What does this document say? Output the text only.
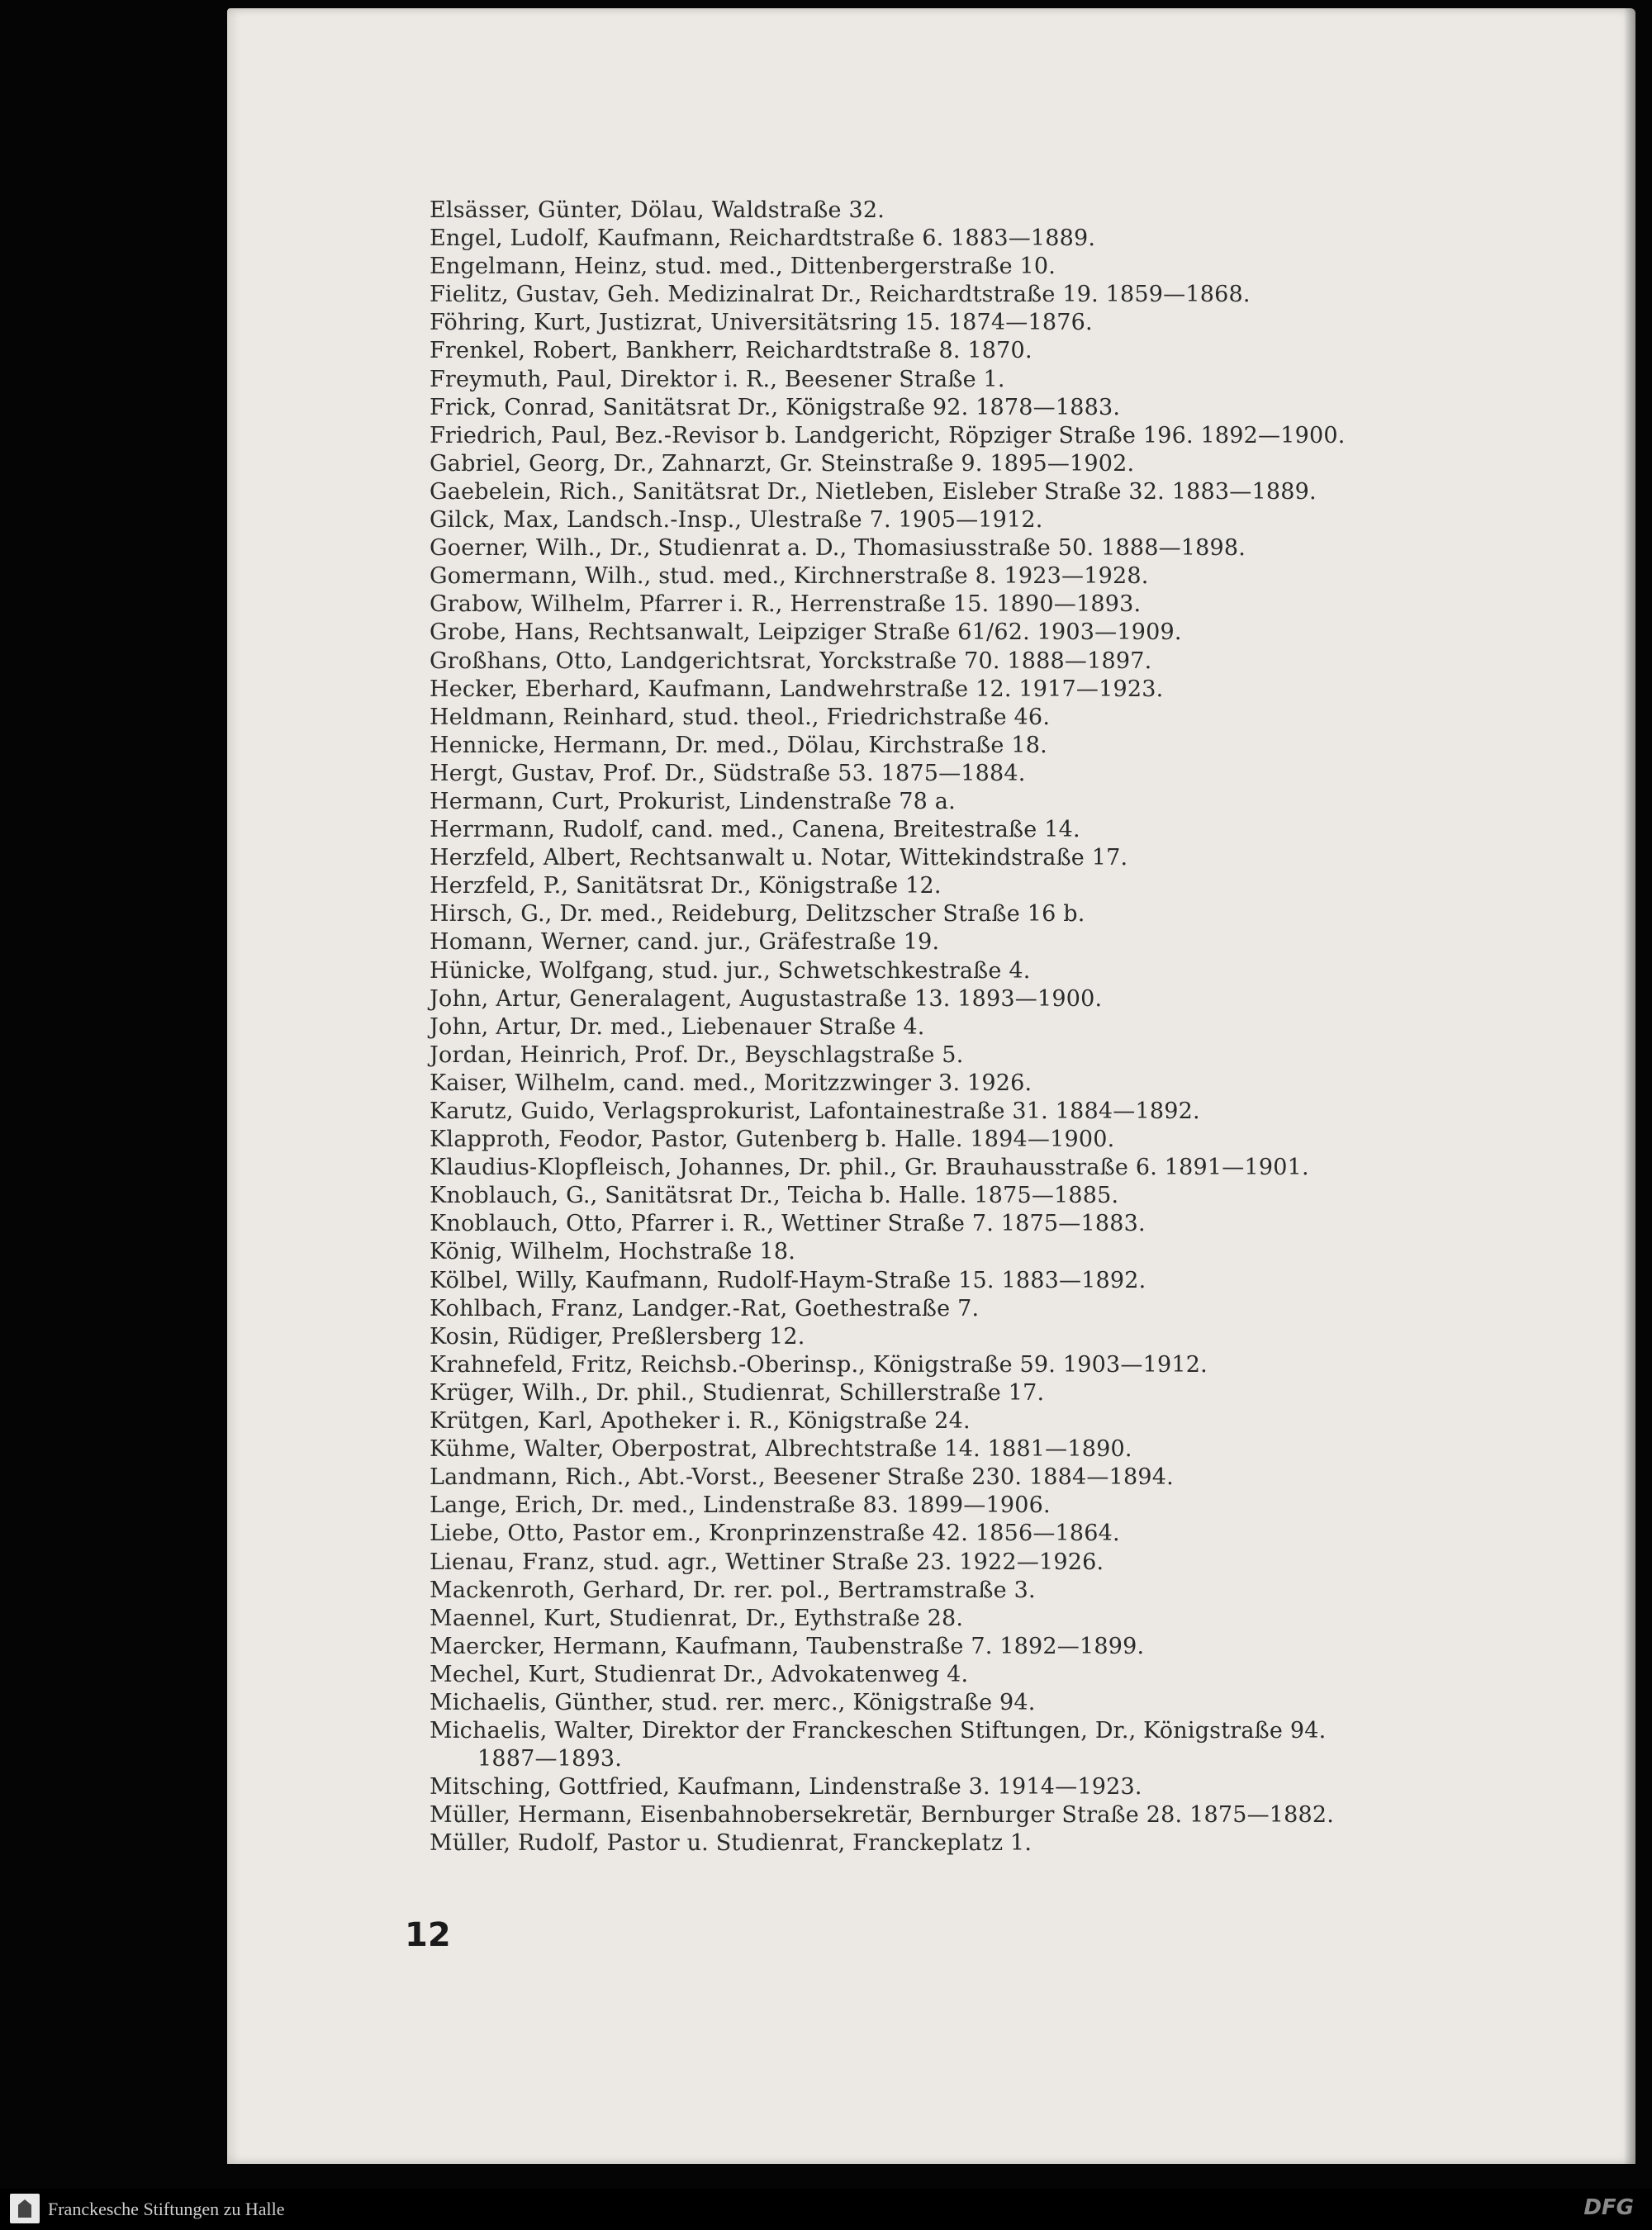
Elsässer, Günter, Dölau, Waldstraße 32.
Engel, Ludolf, Kaufmann, Reichardtstraße 6. 1883—1889.
Engelmann, Heinz, stud. med., Dittenbergerstraße 10.
Fielitz, Gustav, Geh. Medizinalrat Dr., Reichardtstraße 19. 1859—1868.
Föhring, Kurt, Justizrat, Universitätsring 15. 1874—1876.
Frenkel, Robert, Bankherr, Reichardtstraße 8. 1870.
Freymuth, Paul, Direktor i. R., Beesener Straße 1.
Frick, Conrad, Sanitätsrat Dr., Königstraße 92. 1878—1883.
Friedrich, Paul, Bez.-Revisor b. Landgericht, Röpziger Straße 196. 1892—1900.
Gabriel, Georg, Dr., Zahnarzt, Gr. Steinstraße 9. 1895—1902.
Gaebelein, Rich., Sanitätsrat Dr., Nietleben, Eisleber Straße 32. 1883—1889.
Gilck, Max, Landsch.-Insp., Ulestraße 7. 1905—1912.
Goerner, Wilh., Dr., Studienrat a. D., Thomasiusstraße 50. 1888—1898.
Gomermann, Wilh., stud. med., Kirchnerstraße 8. 1923—1928.
Grabow, Wilhelm, Pfarrer i. R., Herrenstraße 15. 1890—1893.
Grobe, Hans, Rechtsanwalt, Leipziger Straße 61/62. 1903—1909.
Großhans, Otto, Landgerichtsrat, Yorckstraße 70. 1888—1897.
Hecker, Eberhard, Kaufmann, Landwehrstraße 12. 1917—1923.
Heldmann, Reinhard, stud. theol., Friedrichstraße 46.
Hennicke, Hermann, Dr. med., Dölau, Kirchstraße 18.
Hergt, Gustav, Prof. Dr., Südstraße 53. 1875—1884.
Hermann, Curt, Prokurist, Lindenstraße 78 a.
Herrmann, Rudolf, cand. med., Canena, Breitestraße 14.
Herzfeld, Albert, Rechtsanwalt u. Notar, Wittekindstraße 17.
Herzfeld, P., Sanitätsrat Dr., Königstraße 12.
Hirsch, G., Dr. med., Reideburg, Delitzscher Straße 16 b.
Homann, Werner, cand. jur., Gräfestraße 19.
Hünicke, Wolfgang, stud. jur., Schwetschkestraße 4.
John, Artur, Generalagent, Augustastraße 13. 1893—1900.
John, Artur, Dr. med., Liebenauer Straße 4.
Jordan, Heinrich, Prof. Dr., Beyschlagstraße 5.
Kaiser, Wilhelm, cand. med., Moritzzwinger 3. 1926.
Karutz, Guido, Verlagsprokurist, Lafontainestraße 31. 1884—1892.
Klapproth, Feodor, Pastor, Gutenberg b. Halle. 1894—1900.
Klaudius-Klopfleisch, Johannes, Dr. phil., Gr. Brauhausstraße 6. 1891—1901.
Knoblauch, G., Sanitätsrat Dr., Teicha b. Halle. 1875—1885.
Knoblauch, Otto, Pfarrer i. R., Wettiner Straße 7. 1875—1883.
König, Wilhelm, Hochstraße 18.
Kölbel, Willy, Kaufmann, Rudolf-Haym-Straße 15. 1883—1892.
Kohlbach, Franz, Landger.-Rat, Goethestraße 7.
Kosin, Rüdiger, Preßlersberg 12.
Krahnefeld, Fritz, Reichsb.-Oberinsp., Königstraße 59. 1903—1912.
Krüger, Wilh., Dr. phil., Studienrat, Schillerstraße 17.
Krütgen, Karl, Apotheker i. R., Königstraße 24.
Kühme, Walter, Oberpostrat, Albrechtstraße 14. 1881—1890.
Landmann, Rich., Abt.-Vorst., Beesener Straße 230. 1884—1894.
Lange, Erich, Dr. med., Lindenstraße 83. 1899—1906.
Liebe, Otto, Pastor em., Kronprinzenstraße 42. 1856—1864.
Lienau, Franz, stud. agr., Wettiner Straße 23. 1922—1926.
Mackenroth, Gerhard, Dr. rer. pol., Bertramstraße 3.
Maennel, Kurt, Studienrat, Dr., Eythstraße 28.
Maercker, Hermann, Kaufmann, Taubenstraße 7. 1892—1899.
Mechel, Kurt, Studienrat Dr., Advokatenweg 4.
Michaelis, Günther, stud. rer. merc., Königstraße 94.
Michaelis, Walter, Direktor der Franckeschen Stiftungen, Dr., Königstraße 94.
1887—1893.
Mitsching, Gottfried, Kaufmann, Lindenstraße 3. 1914—1923.
Müller, Hermann, Eisenbahnobersekretär, Bernburger Straße 28. 1875—1882.
Müller, Rudolf, Pastor u. Studienrat, Franckeplatz 1.

12

Franckesche Stiftungen zu Halle	DFG
